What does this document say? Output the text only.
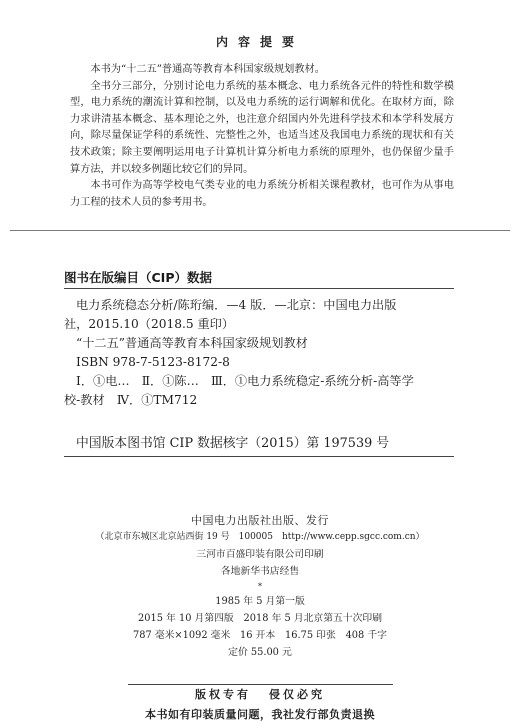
内容提要

本书为“十二五”普通高等教育本科国家级规划教材。

全书分三部分，分别讨论电力系统的基本概念、电力系统各元件的特性和数学模型，电力系统的潮流计算和控制，以及电力系统的运行调解和优化。在取材方面，除力求讲清基本概念、基本理论之外，也注意介绍国内外先进科学技术和本学科发展方向，除尽量保证学科的系统性、完整性之外，也适当述及我国电力系统的现状和有关技术政策；除主要阐明运用电子计算机计算分析电力系统的原理外，也仍保留少量手算方法，并以较多例题比较它们的异同。

本书可作为高等学校电气类专业的电力系统分析相关课程教材，也可作为从事电力工程的技术人员的参考用书。

图书在版编目（CIP）数据
电力系统稳态分析/陈珩编．—4 版．—北京：中国电力出版
社，2015.10（2018.5 重印）
“十二五”普通高等教育本科国家级规划教材
ISBN 978-7-5123-8172-8
Ⅰ．①电…　Ⅱ．①陈…　Ⅲ．①电力系统稳定-系统分析-高等学
校-教材　Ⅳ．①TM712
中国版本图书馆 CIP 数据核字（2015）第 197539 号
中国电力出版社出版、发行
（北京市东城区北京站西街 19 号　100005　http://www.cepp.sgcc.com.cn）
三河市百盛印装有限公司印刷
各地新华书店经售
*
1985 年 5 月第一版
2015 年 10 月第四版　2018 年 5 月北京第五十次印刷
787 毫米×1092 毫米　16 开本　16.75 印张　408 千字
定价 55.00 元
版权专有 侵仅必究
本书如有印装质量问题，我社发行部负责退换
